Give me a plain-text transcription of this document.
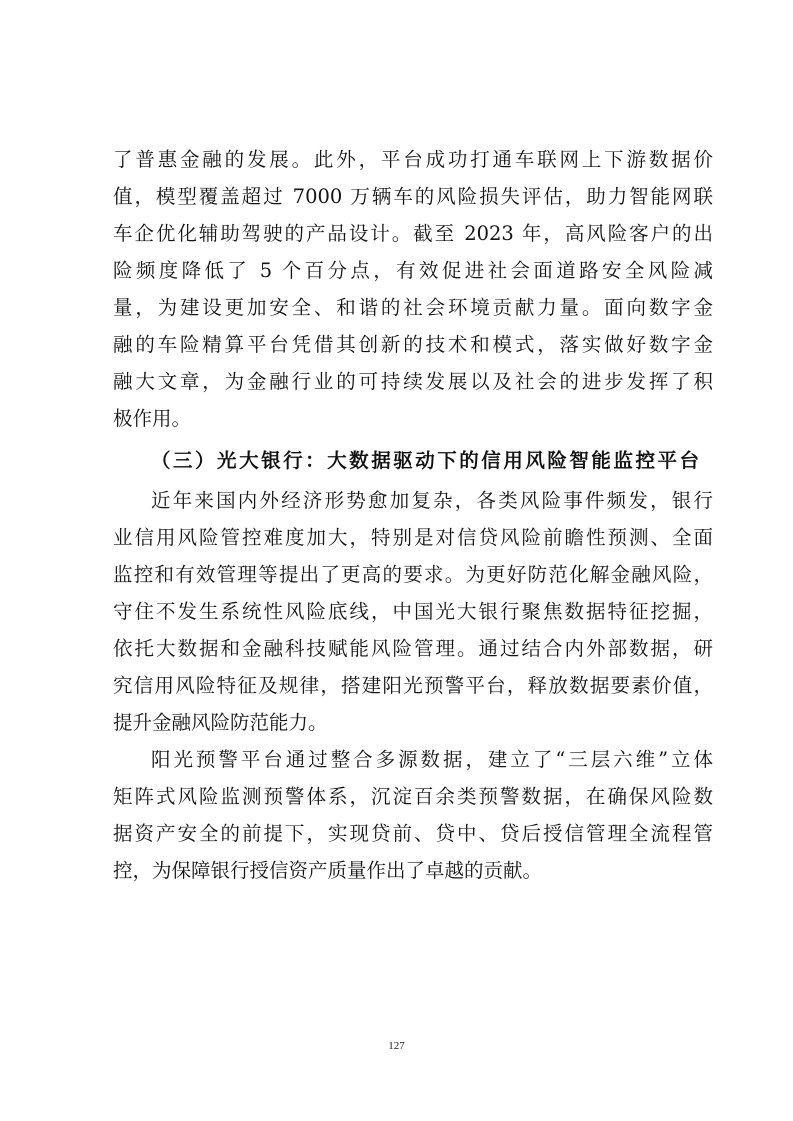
了普惠金融的发展。此外，平台成功打通车联网上下游数据价
值，模型覆盖超过 7000 万辆车的风险损失评估，助力智能网联
车企优化辅助驾驶的产品设计。截至 2023 年，高风险客户的出
险频度降低了 5 个百分点，有效促进社会面道路安全风险减
量，为建设更加安全、和谐的社会环境贡献力量。面向数字金
融的车险精算平台凭借其创新的技术和模式，落实做好数字金
融大文章，为金融行业的可持续发展以及社会的进步发挥了积
极作用。
（三）光大银行：大数据驱动下的信用风险智能监控平台
近年来国内外经济形势愈加复杂，各类风险事件频发，银行
业信用风险管控难度加大，特别是对信贷风险前瞻性预测、全面
监控和有效管理等提出了更高的要求。为更好防范化解金融风险，
守住不发生系统性风险底线，中国光大银行聚焦数据特征挖掘，
依托大数据和金融科技赋能风险管理。通过结合内外部数据，研
究信用风险特征及规律，搭建阳光预警平台，释放数据要素价值，
提升金融风险防范能力。
阳光预警平台通过整合多源数据，建立了“三层六维”立体
矩阵式风险监测预警体系，沉淀百余类预警数据，在确保风险数
据资产安全的前提下，实现贷前、贷中、贷后授信管理全流程管
控，为保障银行授信资产质量作出了卓越的贡献。
127
